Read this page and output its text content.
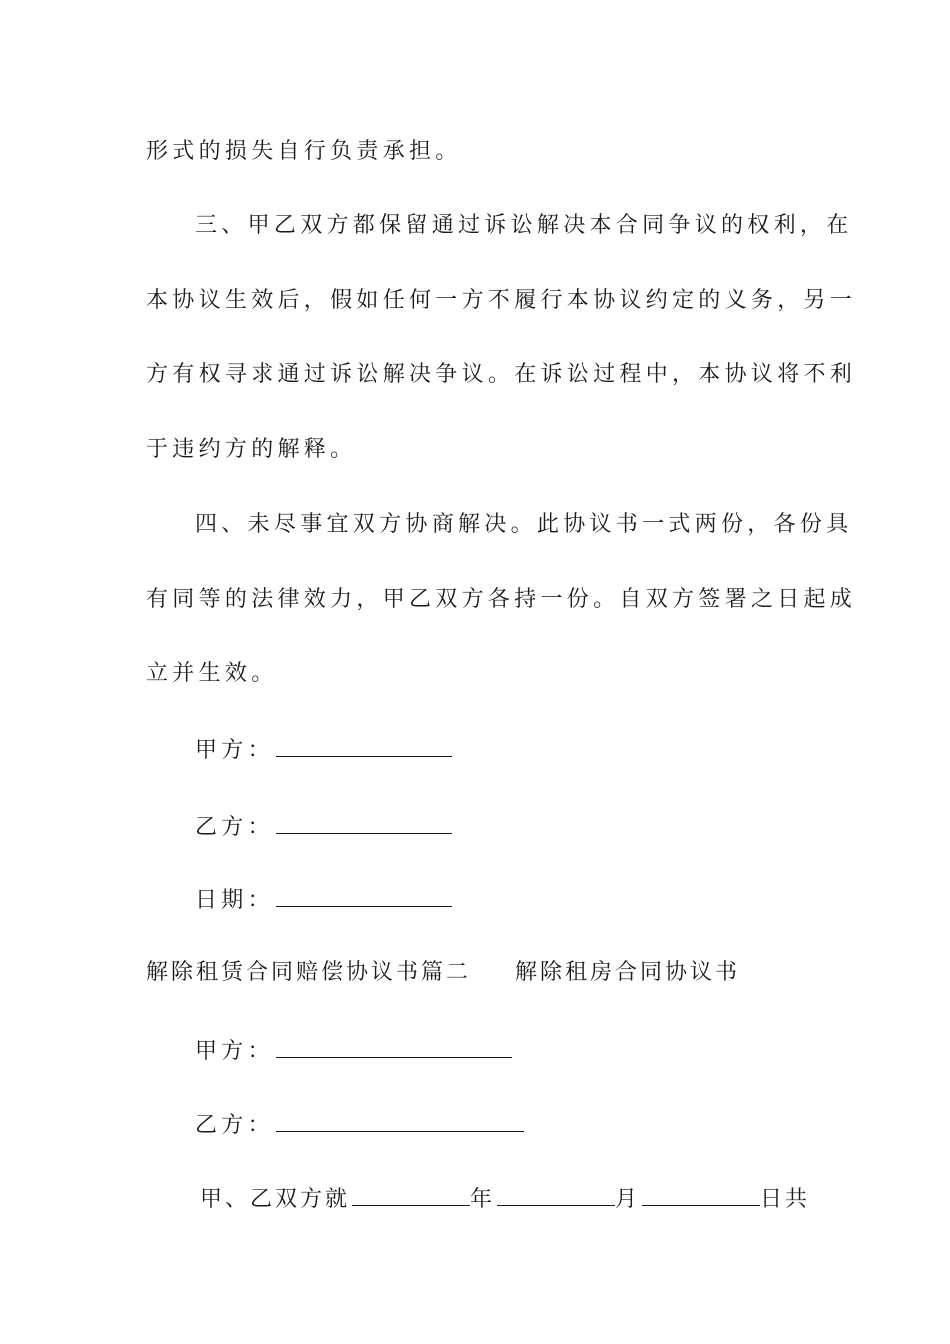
形式的损失自行负责承担。
三、甲乙双方都保留通过诉讼解决本合同争议的权利，在
本协议生效后，假如任何一方不履行本协议约定的义务，另一
方有权寻求通过诉讼解决争议。在诉讼过程中，本协议将不利
于违约方的解释。
四、未尽事宜双方协商解决。此协议书一式两份，各份具
有同等的法律效力，甲乙双方各持一份。自双方签署之日起成
立并生效。
甲方：
乙方：
日期：
解除租赁合同赔偿协议书篇二 解除租房合同协议书
甲方：
乙方：
甲、乙双方就	年	月	日共
